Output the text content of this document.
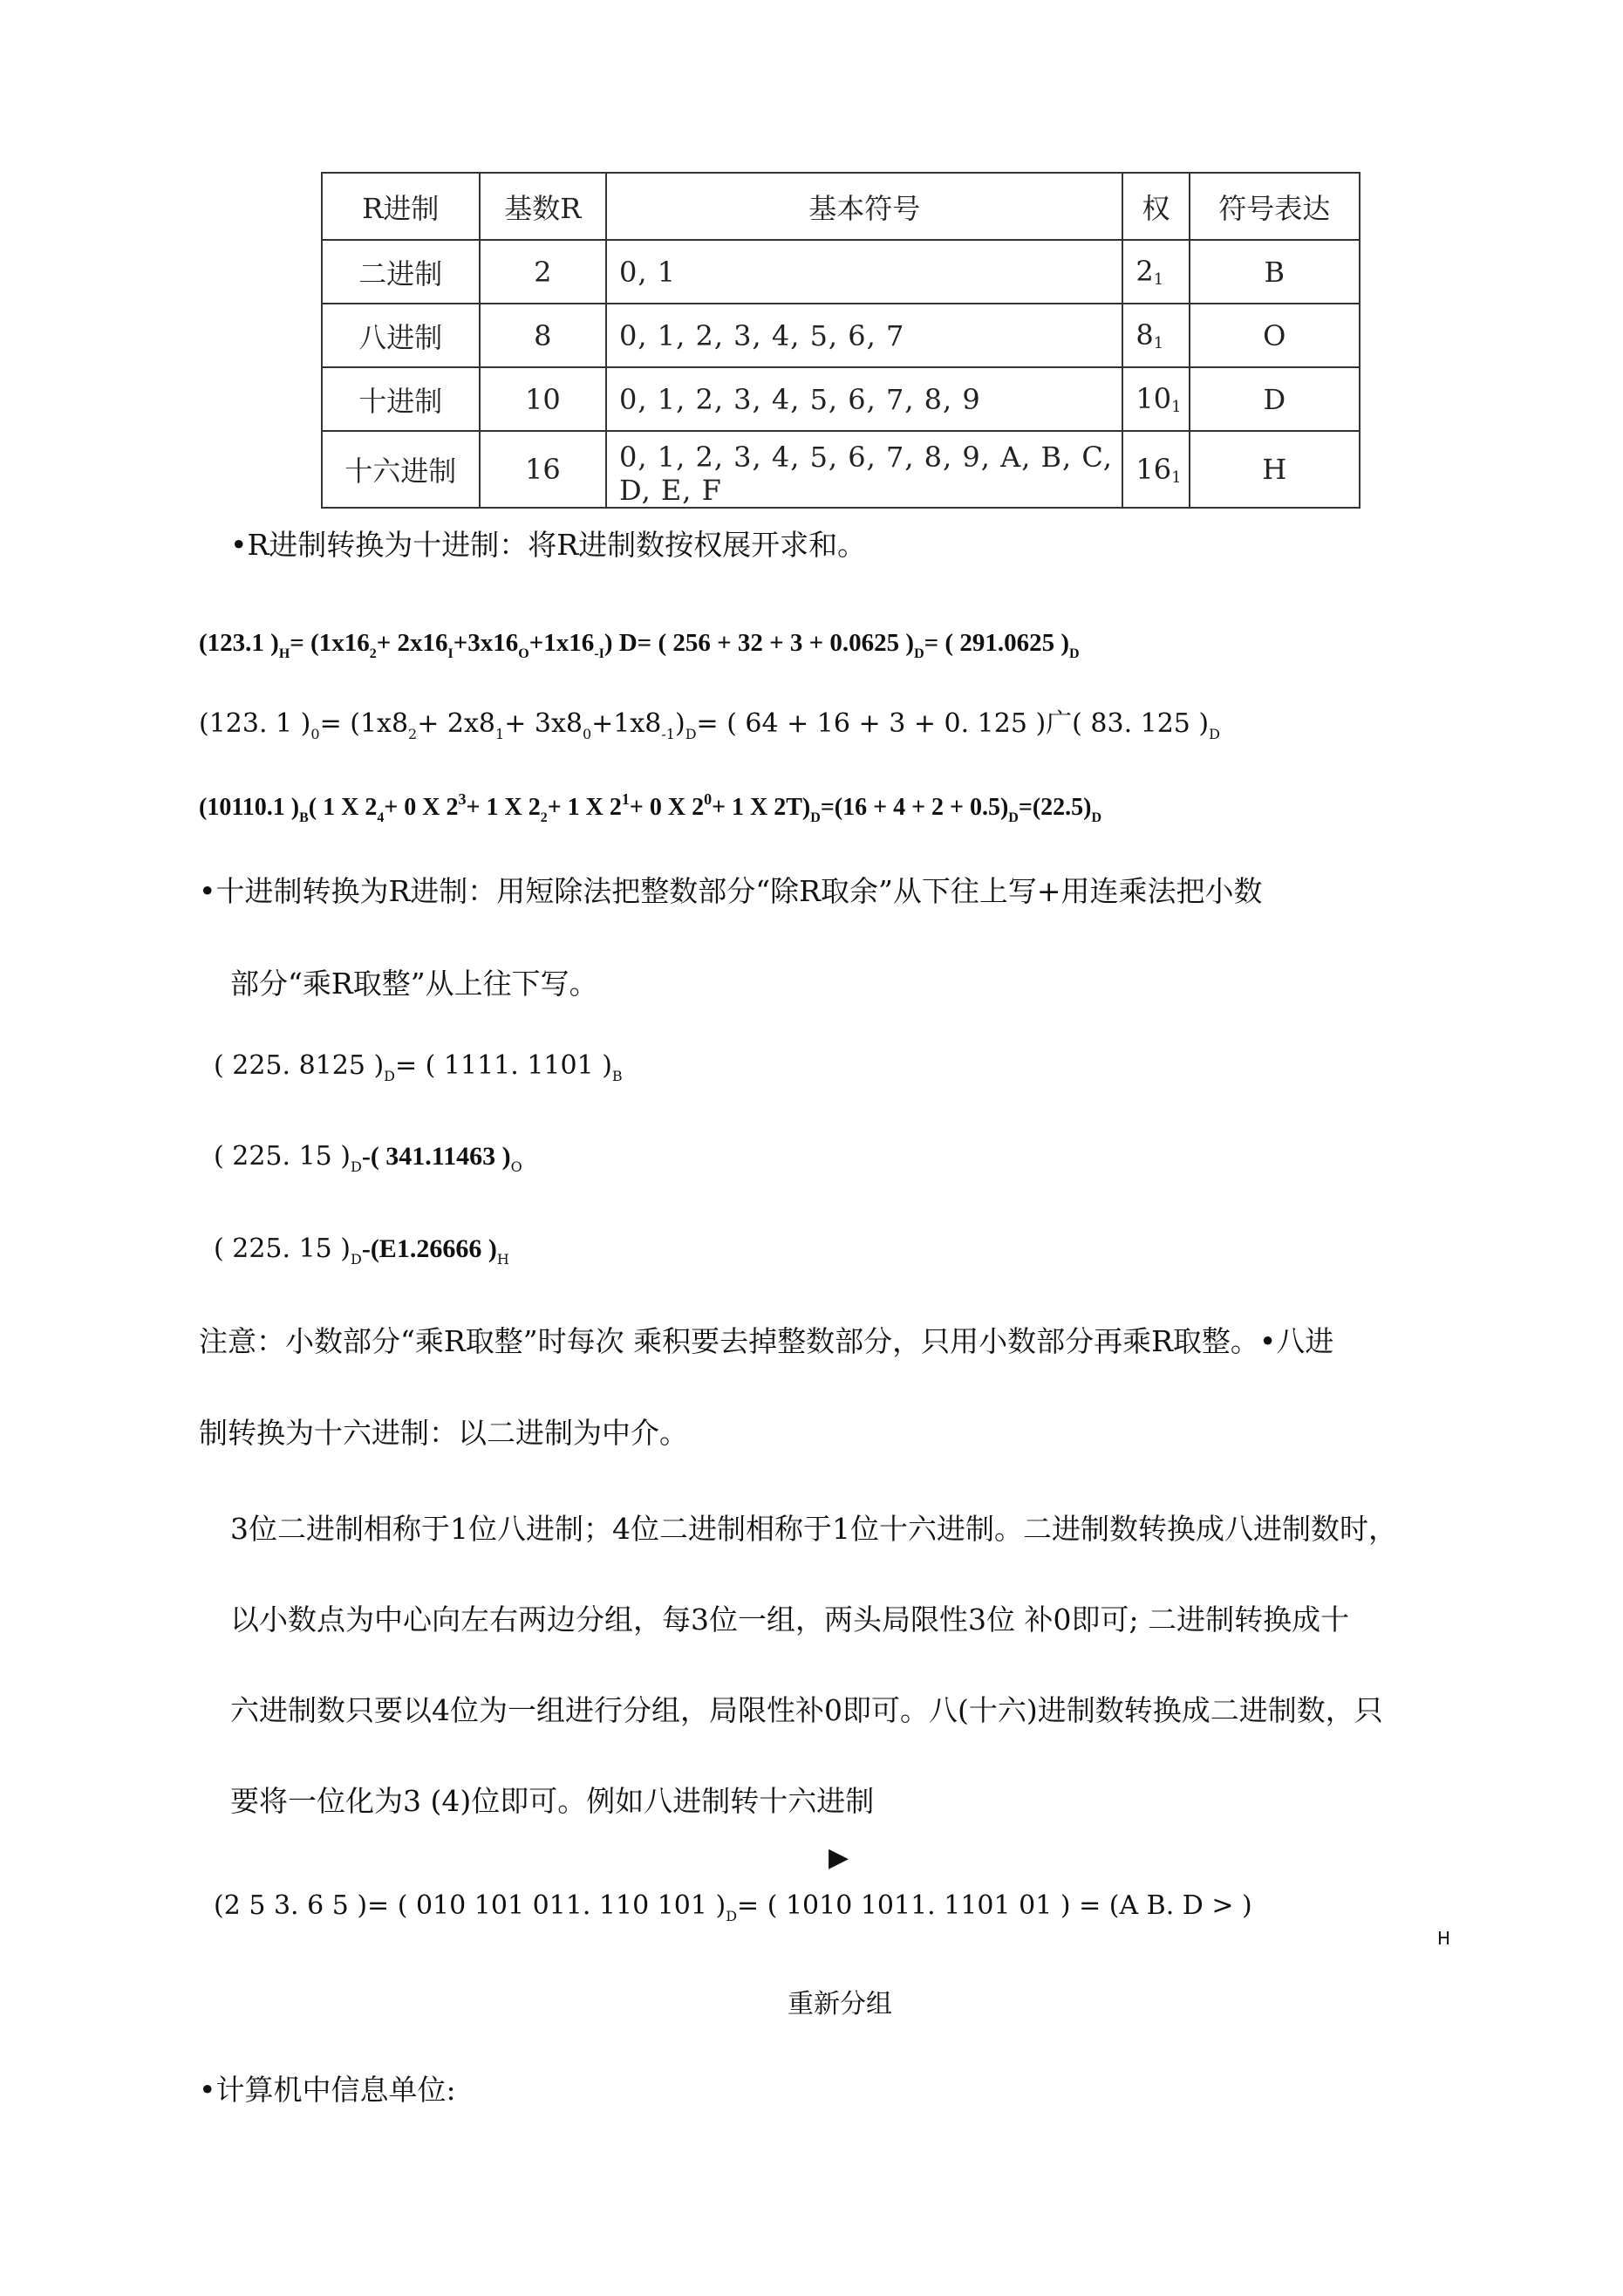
R进制	基数R	基本符号	权	符号表达
二进制	2	0, 1	$2_1$	B
八进制	8	0, 1, 2, 3, 4, 5, 6, 7	$8_1$	O
十进制	10	0, 1, 2, 3, 4, 5, 6, 7, 8, 9	$10_1$	D
十六进制	16	0, 1, 2, 3, 4, 5, 6, 7, 8, 9, A, B, C, D, E, F	$16_1$	H
•R进制转换为十进制：将R进制数按权展开求和。
(123.1 )$_H= (1x16_2+ 2x16_I+3x16_O+1x16_{-I})$ D= ( 256 + 32 + 3 + 0.0625 )$_D=$ ( 291.0625 )$_D$
(123. 1 )$_0= (1x8_2+ 2x8_1+ 3x8_0+1x8_{-1})_D=$ ( 64 + 16 + 3 + 0. 125 )广( 83. 125 )$_D$
(10110.1 )$_B$( 1 X $2_4+ 0$ X $2^3+ 1$ X $2_2+ 1$ X $2^1+ 0$ X $2^0+ 1$ X $2T)_D=(16 + 4 + 2 + 0.5)_D=(22.5)_D$
•十进制转换为R进制：用短除法把整数部分“除R取余”从下往上写+用连乘法把小数
部分“乘R取整”从上往下写。
( 225. 8125 )$_D=$ ( 1111. 1101 )$_B$
( 225. 15 )$_D-$( 341.11463 )$_O$
( 225. 15 )$_D-(E1.26666$ )$_H$
注意：小数部分“乘R取整”时每次 乘积要去掉整数部分，只用小数部分再乘R取整。•八进
制转换为十六进制：以二进制为中介。
3位二进制相称于1位八进制；4位二进制相称于1位十六进制。二进制数转换成八进制数时，
以小数点为中心向左右两边分组，每3位一组，两头局限性3位 补0即可; 二进制转换成十
六进制数只要以4位为一组进行分组，局限性补0即可。八(十六)进制数转换成二进制数，只
要将一位化为3 (4)位即可。例如八进制转十六进制
▶
(2 5 3. 6 5 )= ( 010 101 011. 110 101 )$_D=$ ( 1010 1011. 1101 01 ) = (A B. D > )
H
重新分组
•计算机中信息单位:
